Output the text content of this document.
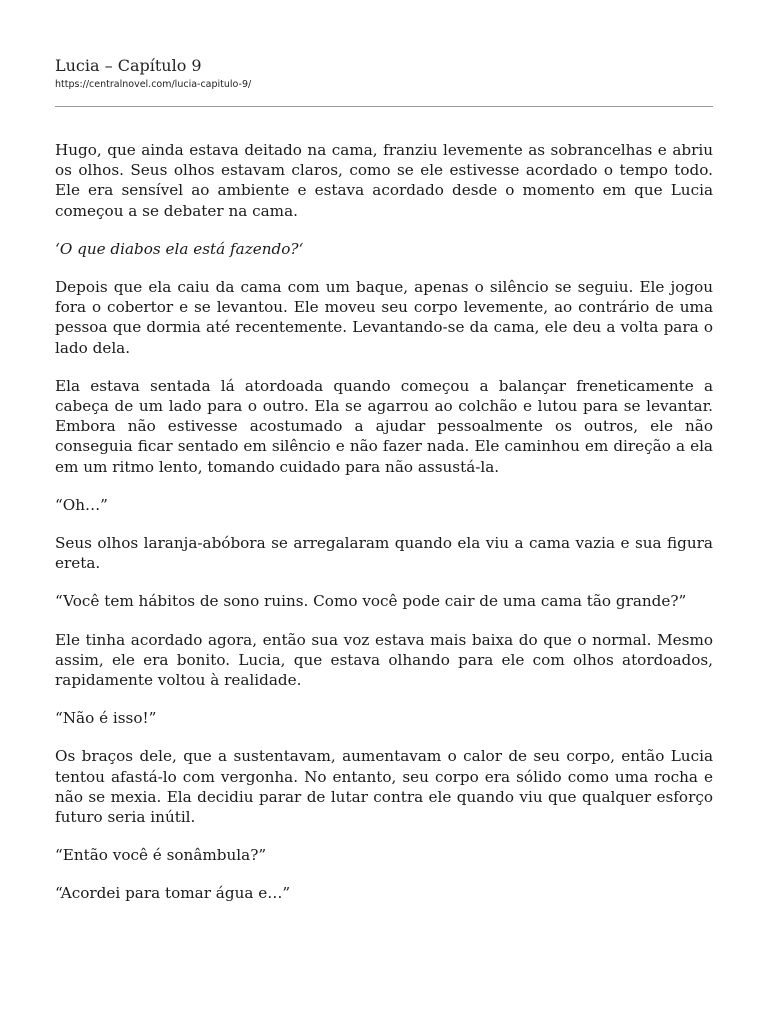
Lucia – Capítulo 9
https://centralnovel.com/lucia-capitulo-9/

Hugo, que ainda estava deitado na cama, franziu levemente as sobrancelhas e abriu os olhos. Seus olhos estavam claros, como se ele estivesse acordado o tempo todo. Ele era sensível ao ambiente e estava acordado desde o momento em que Lucia começou a se debater na cama.

‘O que diabos ela está fazendo?‘

Depois que ela caiu da cama com um baque, apenas o silêncio se seguiu. Ele jogou fora o cobertor e se levantou. Ele moveu seu corpo levemente, ao contrário de uma pessoa que dormia até recentemente. Levantando-se da cama, ele deu a volta para o lado dela.

Ela estava sentada lá atordoada quando começou a balançar freneticamente a cabeça de um lado para o outro. Ela se agarrou ao colchão e lutou para se levantar. Embora não estivesse acostumado a ajudar pessoalmente os outros, ele não conseguia ficar sentado em silêncio e não fazer nada. Ele caminhou em direção a ela em um ritmo lento, tomando cuidado para não assustá-la.

“Oh…”

Seus olhos laranja-abóbora se arregalaram quando ela viu a cama vazia e sua figura ereta.

“Você tem hábitos de sono ruins. Como você pode cair de uma cama tão grande?”

Ele tinha acordado agora, então sua voz estava mais baixa do que o normal. Mesmo assim, ele era bonito. Lucia, que estava olhando para ele com olhos atordoados, rapidamente voltou à realidade.

“Não é isso!”

Os braços dele, que a sustentavam, aumentavam o calor de seu corpo, então Lucia tentou afastá-lo com vergonha. No entanto, seu corpo era sólido como uma rocha e não se mexia. Ela decidiu parar de lutar contra ele quando viu que qualquer esforço futuro seria inútil.

“Então você é sonâmbula?”

“Acordei para tomar água e…”
